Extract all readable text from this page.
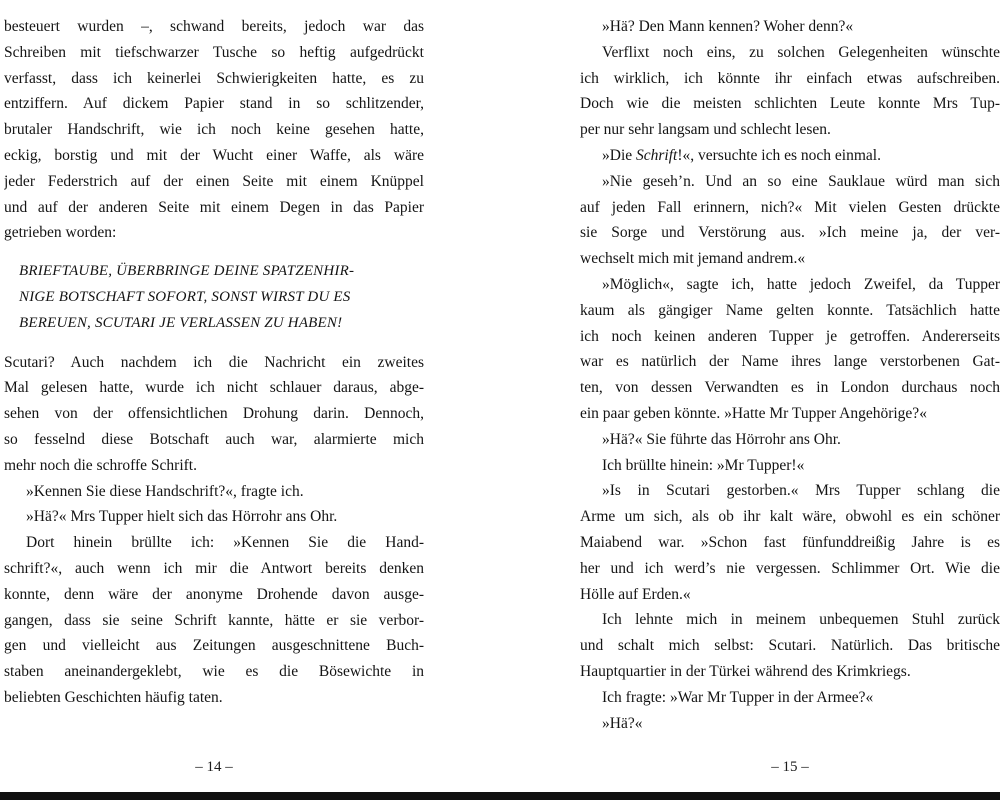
besteuert wurden –, schwand bereits, jedoch war das
Schreiben mit tiefschwarzer Tusche so heftig aufgedrückt
verfasst, dass ich keinerlei Schwierigkeiten hatte, es zu
entziffern. Auf dickem Papier stand in so schlitzender,
brutaler Handschrift, wie ich noch keine gesehen hatte,
eckig, borstig und mit der Wucht einer Waffe, als wäre
jeder Federstrich auf der einen Seite mit einem Knüppel
und auf der anderen Seite mit einem Degen in das Papier
getrieben worden:
BRIEFTAUBE, ÜBERBRINGE DEINE SPATZENHIR-
NIGE BOTSCHAFT SOFORT, SONST WIRST DU ES
BEREUEN, SCUTARI JE VERLASSEN ZU HABEN!
Scutari? Auch nachdem ich die Nachricht ein zweites
Mal gelesen hatte, wurde ich nicht schlauer daraus, abge-
sehen von der offensichtlichen Drohung darin. Dennoch,
so fesselnd diese Botschaft auch war, alarmierte mich
mehr noch die schroffe Schrift.
»Kennen Sie diese Handschrift?«, fragte ich.
»Hä?« Mrs Tupper hielt sich das Hörrohr ans Ohr.
Dort hinein brüllte ich: »Kennen Sie die Hand-
schrift?«, auch wenn ich mir die Antwort bereits denken
konnte, denn wäre der anonyme Drohende davon ausge-
gangen, dass sie seine Schrift kannte, hätte er sie verbor-
gen und vielleicht aus Zeitungen ausgeschnittene Buch-
staben aneinandergeklebt, wie es die Bösewichte in
beliebten Geschichten häufig taten.
– 14 –
»Hä? Den Mann kennen? Woher denn?«
Verflixt noch eins, zu solchen Gelegenheiten wünschte
ich wirklich, ich könnte ihr einfach etwas aufschreiben.
Doch wie die meisten schlichten Leute konnte Mrs Tup-
per nur sehr langsam und schlecht lesen.
»Die Schrift!«, versuchte ich es noch einmal.
»Nie geseh’n. Und an so eine Sauklaue würd man sich
auf jeden Fall erinnern, nich?« Mit vielen Gesten drückte
sie Sorge und Verstörung aus. »Ich meine ja, der ver-
wechselt mich mit jemand andrem.«
»Möglich«, sagte ich, hatte jedoch Zweifel, da Tupper
kaum als gängiger Name gelten konnte. Tatsächlich hatte
ich noch keinen anderen Tupper je getroffen. Andererseits
war es natürlich der Name ihres lange verstorbenen Gat-
ten, von dessen Verwandten es in London durchaus noch
ein paar geben könnte. »Hatte Mr Tupper Angehörige?«
»Hä?« Sie führte das Hörrohr ans Ohr.
Ich brüllte hinein: »Mr Tupper!«
»Is in Scutari gestorben.« Mrs Tupper schlang die
Arme um sich, als ob ihr kalt wäre, obwohl es ein schöner
Maiabend war. »Schon fast fünfunddreißig Jahre is es
her und ich werd’s nie vergessen. Schlimmer Ort. Wie die
Hölle auf Erden.«
Ich lehnte mich in meinem unbequemen Stuhl zurück
und schalt mich selbst: Scutari. Natürlich. Das britische
Hauptquartier in der Türkei während des Krimkriegs.
Ich fragte: »War Mr Tupper in der Armee?«
»Hä?«
– 15 –
